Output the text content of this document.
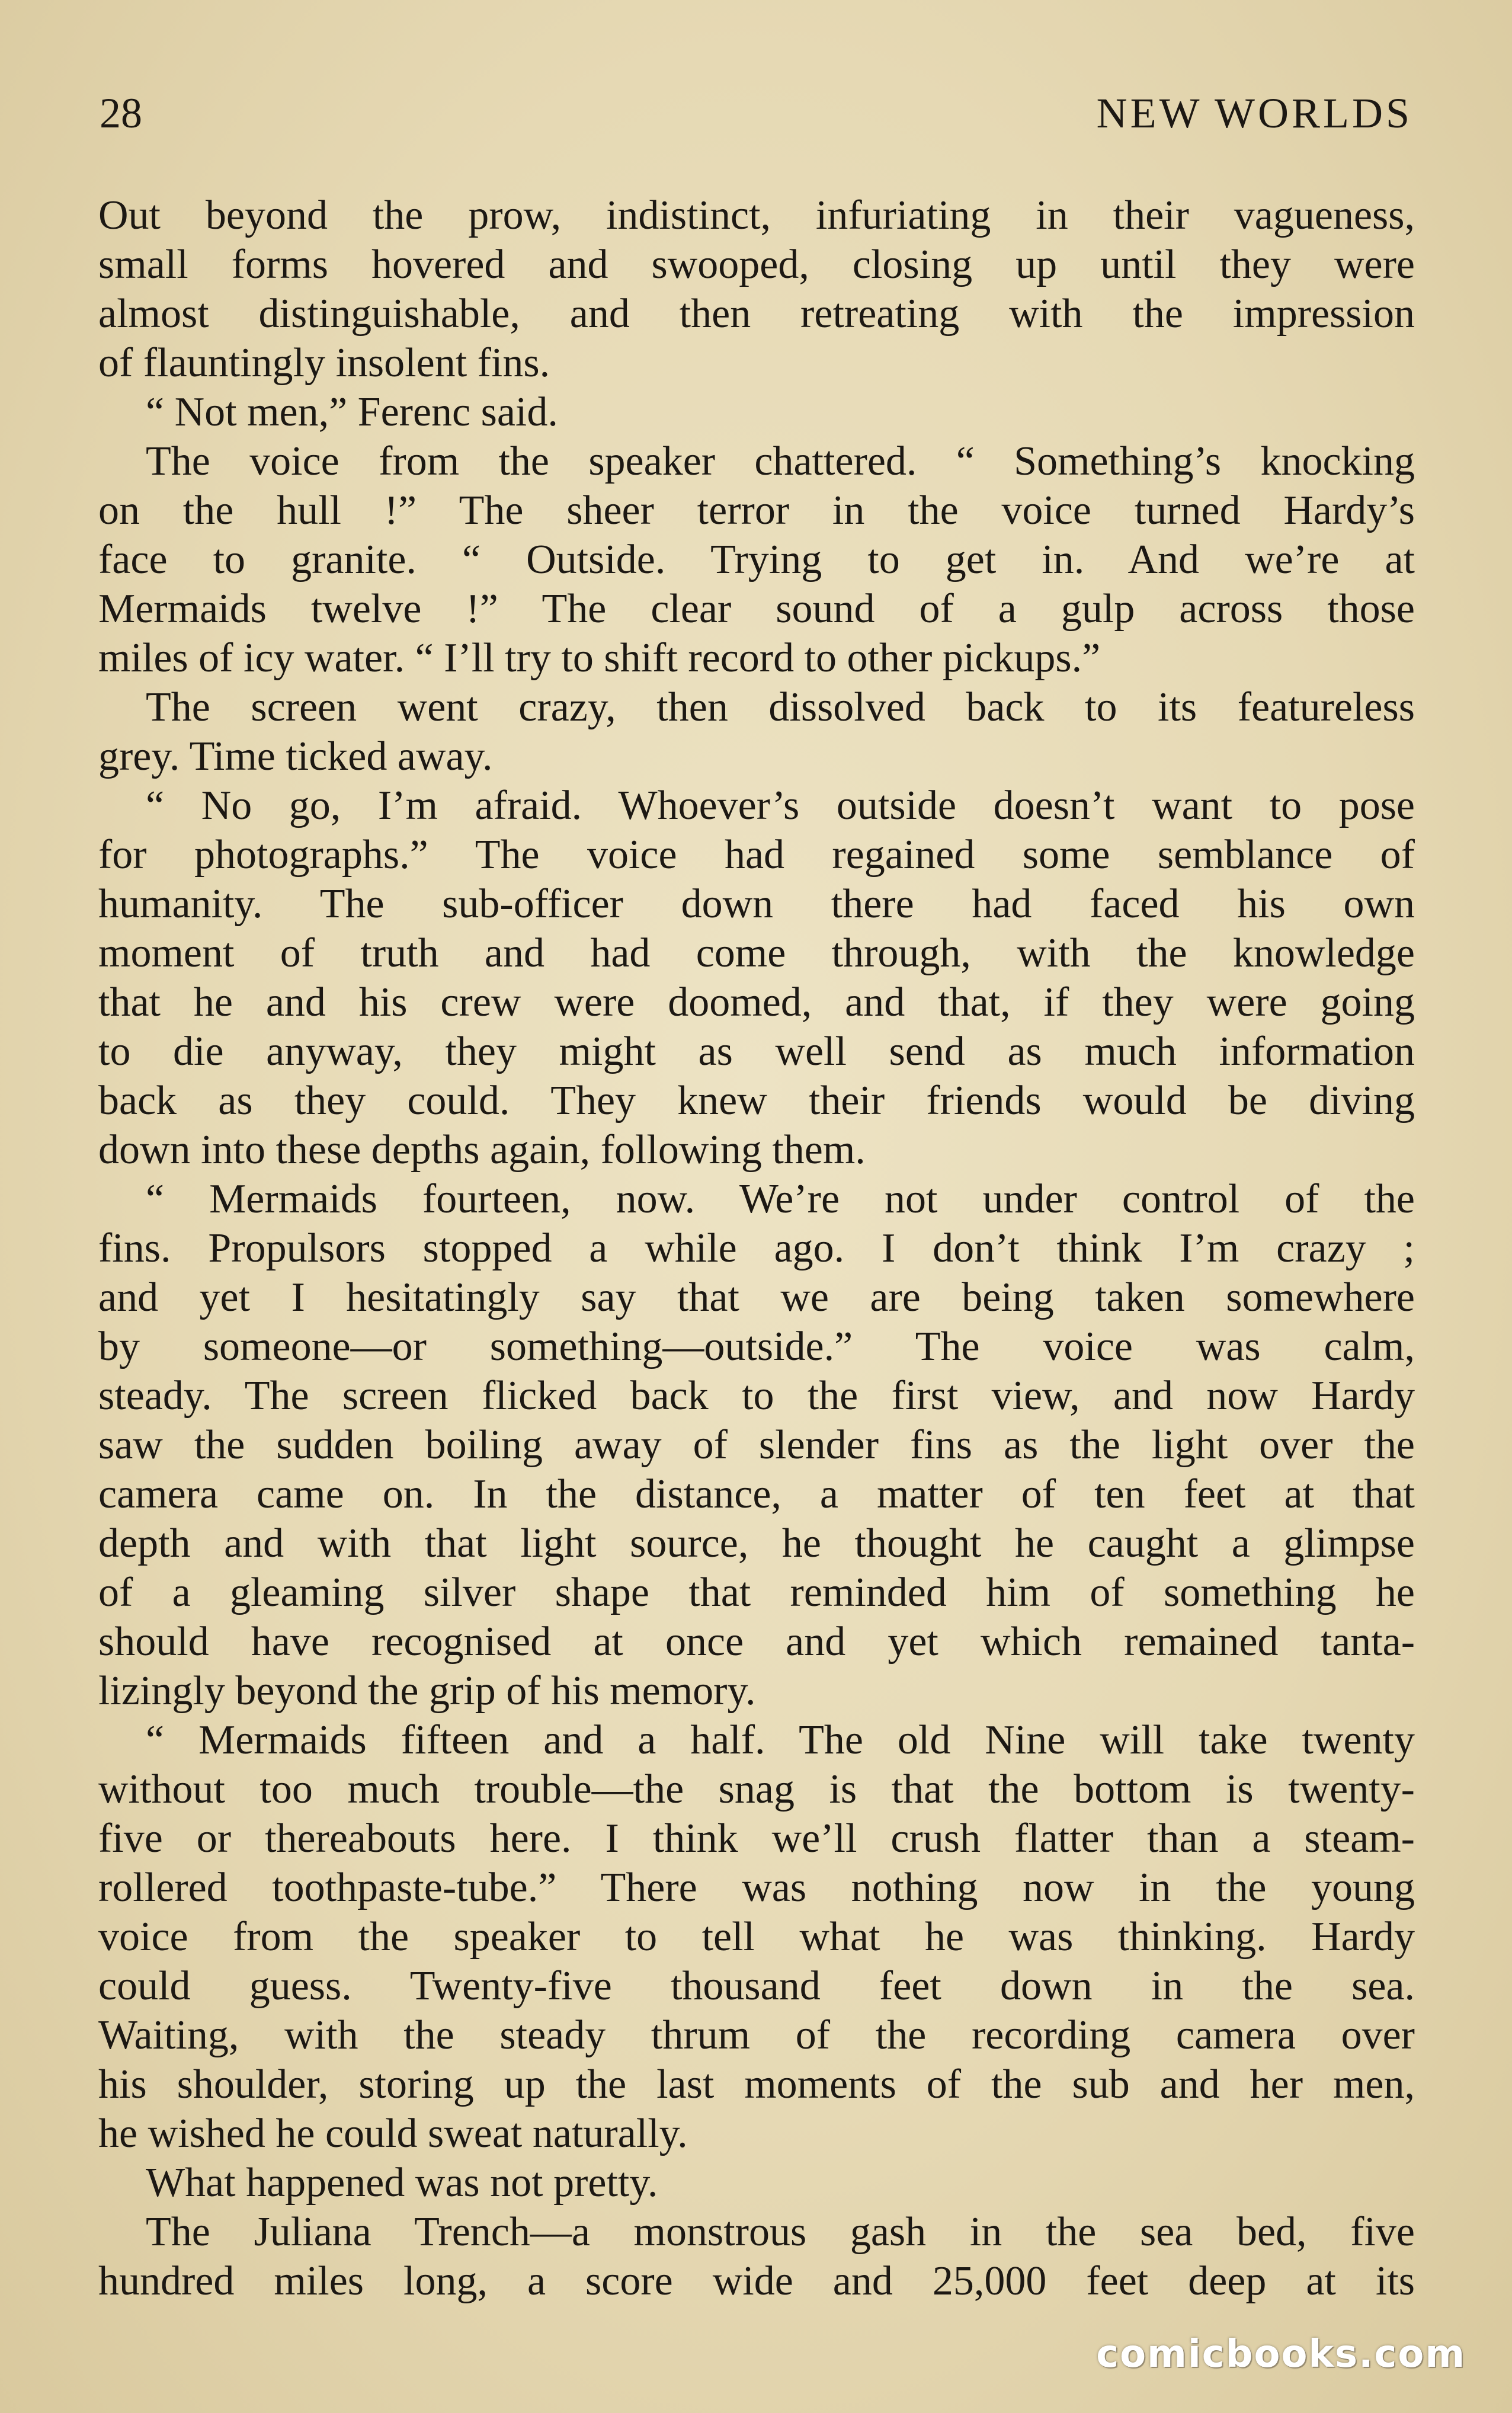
28	NEW WORLDS
Out beyond the prow, indistinct, infuriating in their vagueness,
small forms hovered and swooped, closing up until they were
almost distinguishable, and then retreating with the impression
of flauntingly insolent fins.
“ Not men,” Ferenc said.
The voice from the speaker chattered. “ Something’s knocking
on the hull !” The sheer terror in the voice turned Hardy’s
face to granite. “ Outside. Trying to get in. And we’re at
Mermaids twelve !” The clear sound of a gulp across those
miles of icy water. “ I’ll try to shift record to other pickups.”
The screen went crazy, then dissolved back to its featureless
grey. Time ticked away.
“ No go, I’m afraid. Whoever’s outside doesn’t want to pose
for photographs.” The voice had regained some semblance of
humanity. The sub-officer down there had faced his own
moment of truth and had come through, with the knowledge
that he and his crew were doomed, and that, if they were going
to die anyway, they might as well send as much information
back as they could. They knew their friends would be diving
down into these depths again, following them.
“ Mermaids fourteen, now. We’re not under control of the
fins. Propulsors stopped a while ago. I don’t think I’m crazy ;
and yet I hesitatingly say that we are being taken somewhere
by someone—or something—outside.” The voice was calm,
steady. The screen flicked back to the first view, and now Hardy
saw the sudden boiling away of slender fins as the light over the
camera came on. In the distance, a matter of ten feet at that
depth and with that light source, he thought he caught a glimpse
of a gleaming silver shape that reminded him of something he
should have recognised at once and yet which remained tanta-
lizingly beyond the grip of his memory.
“ Mermaids fifteen and a half. The old Nine will take twenty
without too much trouble—the snag is that the bottom is twenty-
five or thereabouts here. I think we’ll crush flatter than a steam-
rollered toothpaste-tube.” There was nothing now in the young
voice from the speaker to tell what he was thinking. Hardy
could guess. Twenty-five thousand feet down in the sea.
Waiting, with the steady thrum of the recording camera over
his shoulder, storing up the last moments of the sub and her men,
he wished he could sweat naturally.
What happened was not pretty.
The Juliana Trench—a monstrous gash in the sea bed, five
hundred miles long, a score wide and 25,000 feet deep at its
comicbooks.com
